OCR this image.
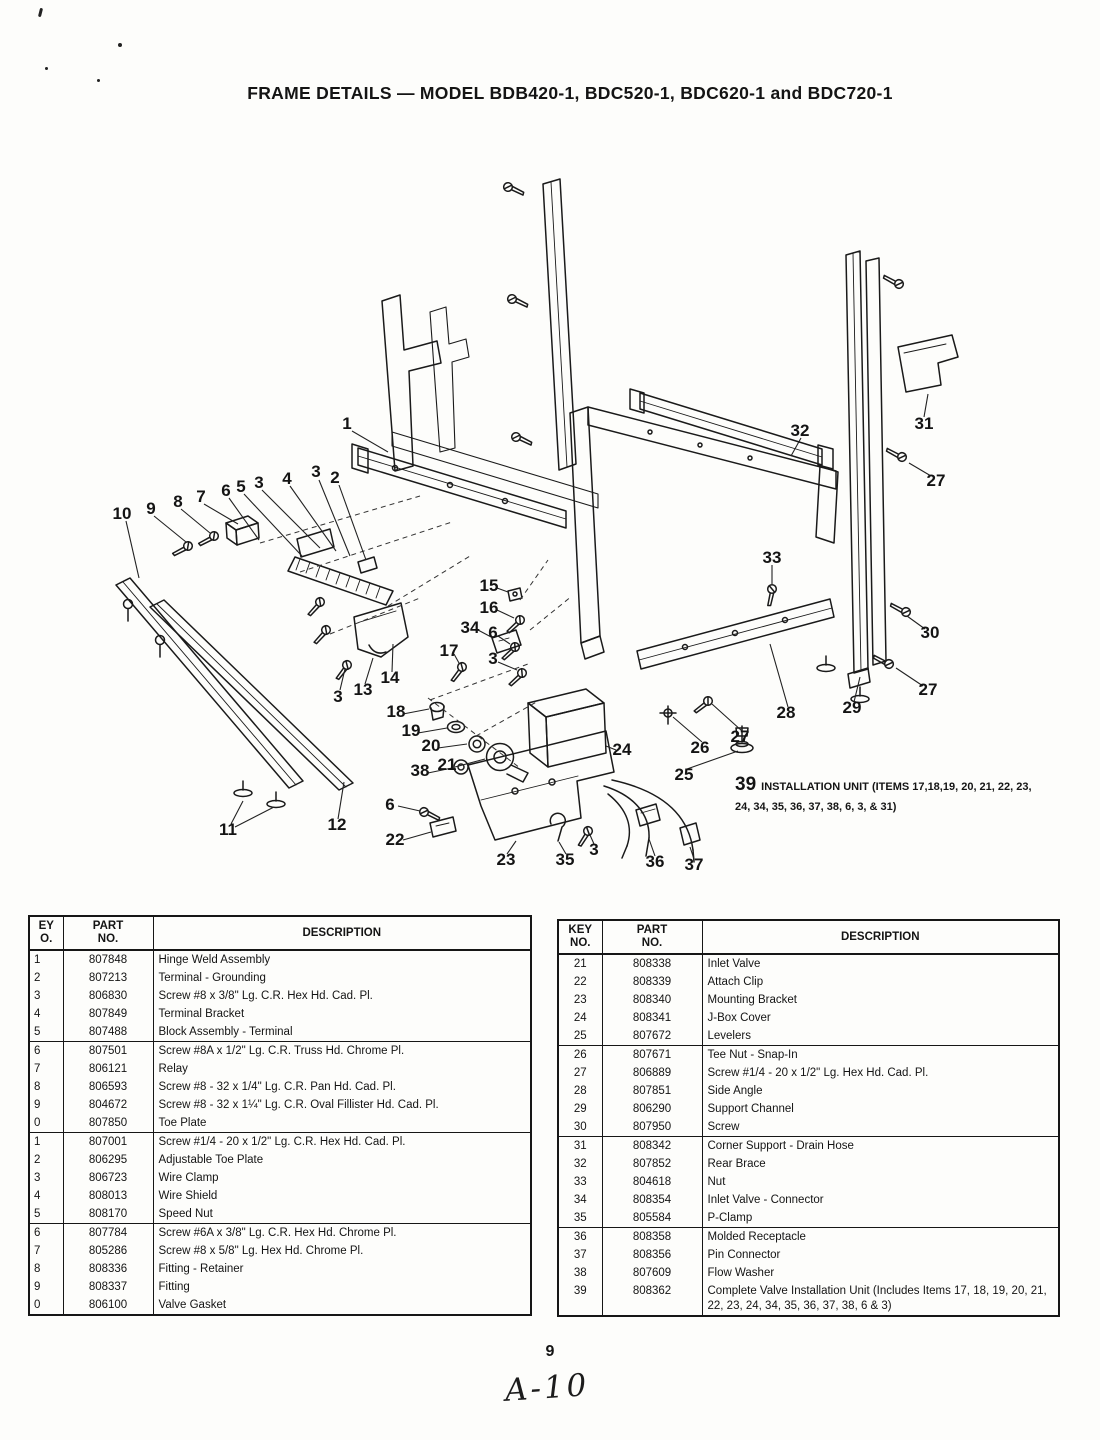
FRAME DETAILS — MODEL BDB420-1, BDC520-1, BDC620-1 and BDC720-1
1
2
3
4
3
5
6
7
8
9
10
31
32
27
33
15
16
34 6	30
17 3
27
13
14
3
18
19
20
38 21
28	29
26
27
24
25
6
22
23 35
3
36 37
11	12
39 INSTALLATION UNIT (ITEMS 17,18,19, 20, 21, 22, 23, 24, 34, 35, 36, 37, 38, 6, 3, & 31)
EY
O.

PART
NO.

DESCRIPTION

1	807848	Hinge Weld Assembly
2	807213	Terminal - Grounding
3	806830	Screw #8 x 3/8" Lg. C.R. Hex Hd. Cad. Pl.
4	807849	Terminal Bracket
5	807488	Block Assembly - Terminal
6	807501	Screw #8A x 1/2" Lg. C.R. Truss Hd. Chrome Pl.
7	806121	Relay
8	806593	Screw #8 - 32 x 1/4" Lg. C.R. Pan Hd. Cad. Pl.
9	804672	Screw #8 - 32 x 1¼" Lg. C.R. Oval Fillister Hd. Cad. Pl.
0	807850	Toe Plate
1	807001	Screw #1/4 - 20 x 1/2" Lg. C.R. Hex Hd. Cad. Pl.
2	806295	Adjustable Toe Plate
3	806723	Wire Clamp
4	808013	Wire Shield
5	808170	Speed Nut
6	807784	Screw #6A x 3/8" Lg. C.R. Hex Hd. Chrome Pl.
7	805286	Screw #8 x 5/8" Lg. Hex Hd. Chrome Pl.
8	808336	Fitting - Retainer
9	808337	Fitting
0	806100	Valve Gasket
KEY
NO.

PART
NO.

DESCRIPTION

21	808338	Inlet Valve
22	808339	Attach Clip
23	808340	Mounting Bracket
24	808341	J-Box Cover
25	807672	Levelers
26	807671	Tee Nut - Snap-In
27	806889	Screw #1/4 - 20 x 1/2" Lg. Hex Hd. Cad. Pl.
28	807851	Side Angle
29	806290	Support Channel
30	807950	Screw
31	808342	Corner Support - Drain Hose
32	807852	Rear Brace
33	804618	Nut
34	808354	Inlet Valve - Connector
35	805584	P-Clamp
36	808358	Molded Receptacle
37	808356	Pin Connector
38	807609	Flow Washer
39	808362	Complete Valve Installation Unit (Includes Items 17, 18, 19, 20, 21, 22, 23, 24, 34, 35, 36, 37, 38, 6 & 3)
9
A-10
